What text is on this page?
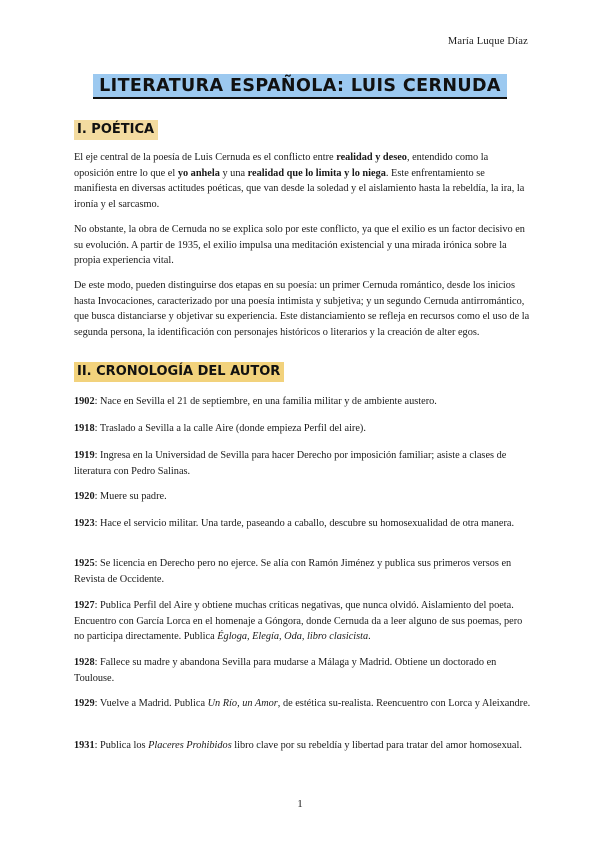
María Luque Díaz
LITERATURA ESPAÑOLA: LUIS CERNUDA
I. POÉTICA
El eje central de la poesía de Luis Cernuda es el conflicto entre realidad y deseo, entendido como la oposición entre lo que el yo anhela y una realidad que lo limita y lo niega. Este enfrentamiento se manifiesta en diversas actitudes poéticas, que van desde la soledad y el aislamiento hasta la rebeldía, la ira, la ironía y el sarcasmo.
No obstante, la obra de Cernuda no se explica solo por este conflicto, ya que el exilio es un factor decisivo en su evolución. A partir de 1935, el exilio impulsa una meditación existencial y una mirada irónica sobre la propia experiencia vital.
De este modo, pueden distinguirse dos etapas en su poesía: un primer Cernuda romántico, desde los inicios hasta Invocaciones, caracterizado por una poesía intimista y subjetiva; y un segundo Cernuda antirromántico, que busca distanciarse y objetivar su experiencia. Este distanciamiento se refleja en recursos como el uso de la segunda persona, la identificación con personajes históricos o literarios y la creación de alter egos.
II. CRONOLOGÍA DEL AUTOR
1902: Nace en Sevilla el 21 de septiembre, en una familia militar y de ambiente austero.
1918: Traslado a Sevilla a la calle Aire (donde empieza Perfil del aire).
1919: Ingresa en la Universidad de Sevilla para hacer Derecho por imposición familiar; asiste a clases de literatura con Pedro Salinas.
1920: Muere su padre.
1923: Hace el servicio militar. Una tarde, paseando a caballo, descubre su homosexualidad de otra manera.
1925: Se licencia en Derecho pero no ejerce. Se alía con Ramón Jiménez y publica sus primeros versos en Revista de Occidente.
1927: Publica Perfil del Aire y obtiene muchas críticas negativas, que nunca olvidó. Aislamiento del poeta. Encuentro con García Lorca en el homenaje a Góngora, donde Cernuda da a leer alguno de sus poemas, pero no participa directamente. Publica Égloga, Elegía, Oda, libro clasicista.
1928: Fallece su madre y abandona Sevilla para mudarse a Málaga y Madrid. Obtiene un doctorado en Toulouse.
1929: Vuelve a Madrid. Publica Un Río, un Amor, de estética su-realista. Reencuentro con Lorca y Aleixandre.
1931: Publica los Placeres Prohibidos libro clave por su rebeldía y libertad para tratar del amor homosexual.
1
